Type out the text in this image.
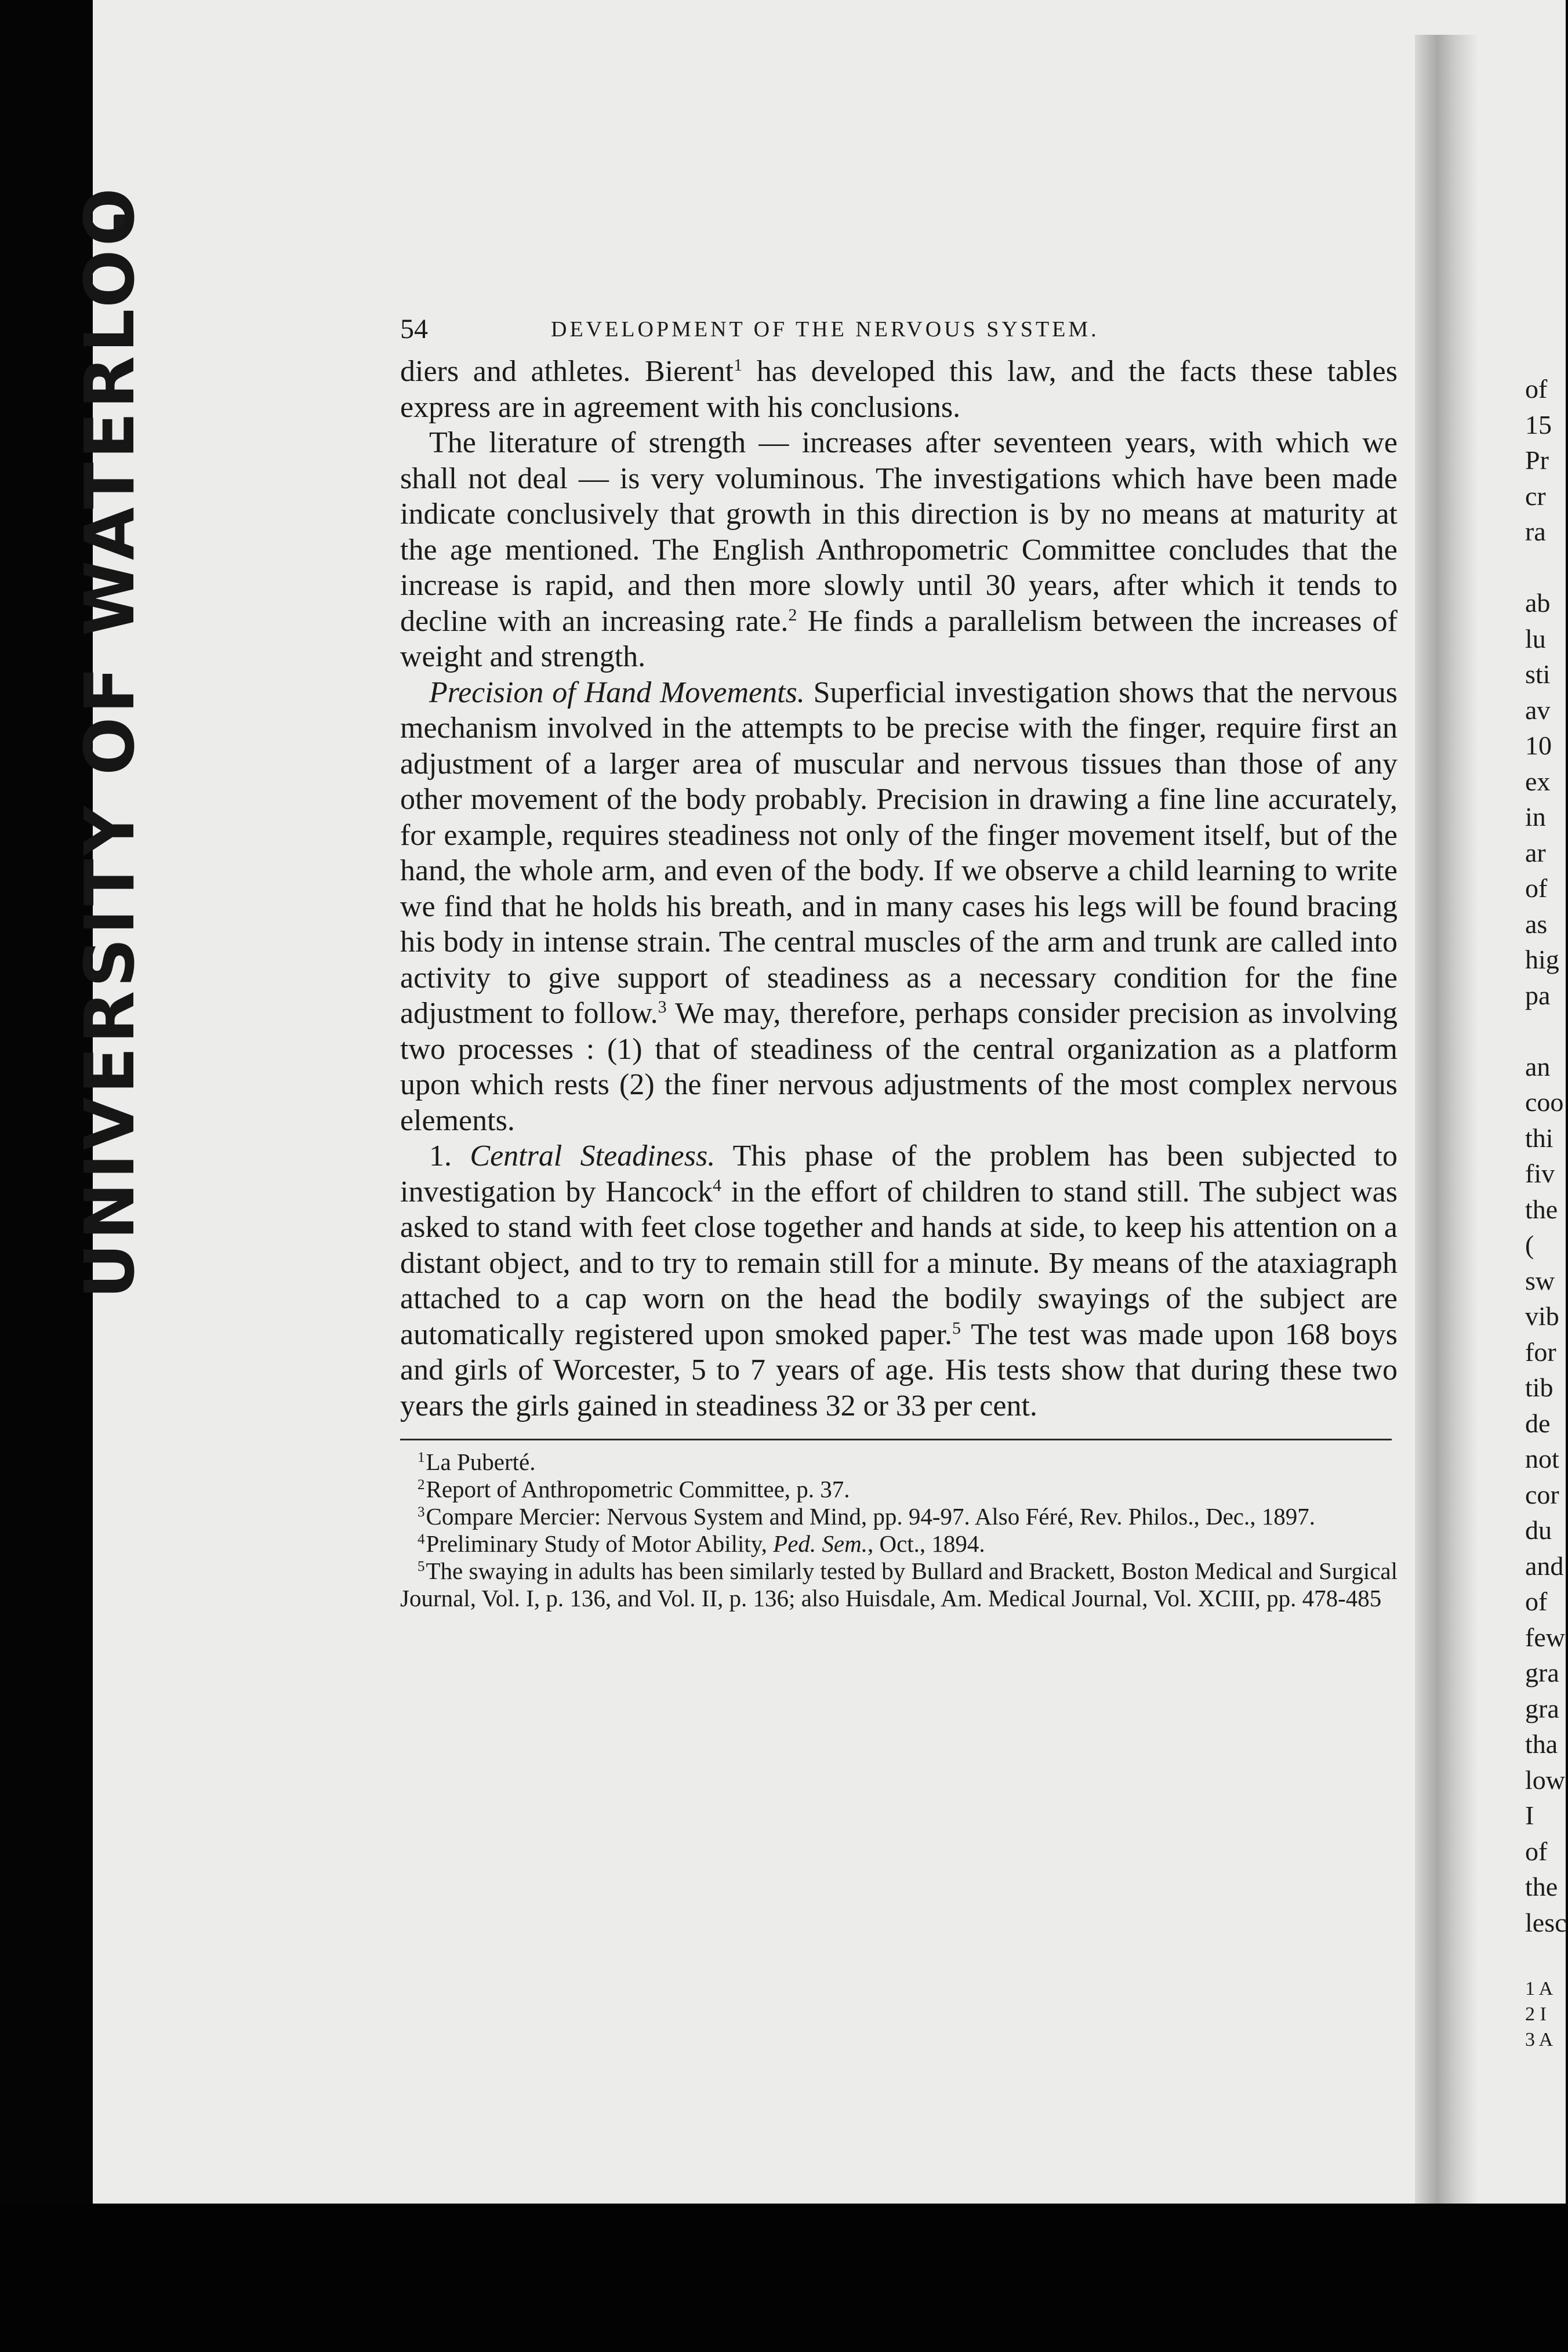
UNIVERSITY OF WATERLOO	54	DEVELOPMENT OF THE NERVOUS SYSTEM.

diers and athletes. Bierent$^1$ has developed this law, and the facts these tables express are in agreement with his conclusions.

The literature of strength — increases after seventeen years, with which we shall not deal — is very voluminous. The investigations which have been made indicate conclusively that growth in this direction is by no means at maturity at the age mentioned. The English Anthropometric Committee concludes that the increase is rapid, and then more slowly until 30 years, after which it tends to decline with an increasing rate.$^2$ He finds a parallelism between the increases of weight and strength.

Precision of Hand Movements. Superficial investigation shows that the nervous mechanism involved in the attempts to be precise with the finger, require first an adjustment of a larger area of muscular and nervous tissues than those of any other movement of the body probably. Precision in drawing a fine line accurately, for example, requires steadiness not only of the finger movement itself, but of the hand, the whole arm, and even of the body. If we observe a child learning to write we find that he holds his breath, and in many cases his legs will be found bracing his body in intense strain. The central muscles of the arm and trunk are called into activity to give support of steadiness as a necessary condition for the fine adjustment to follow.$^3$ We may, therefore, perhaps consider precision as involving two processes : (1) that of steadiness of the central organization as a platform upon which rests (2) the finer nervous adjustments of the most complex nervous elements.

1. Central Steadiness. This phase of the problem has been subjected to investigation by Hancock$^4$ in the effort of children to stand still. The subject was asked to stand with feet close together and hands at side, to keep his attention on a distant object, and to try to remain still for a minute. By means of the ataxiagraph attached to a cap worn on the head the bodily swayings of the subject are automatically registered upon smoked paper.$^5$ The test was made upon 168 boys and girls of Worcester, 5 to 7 years of age. His tests show that during these two years the girls gained in steadiness 32 or 33 per cent.

$^1$La Puberté.

$^2$Report of Anthropometric Committee, p. 37.

$^3$Compare Mercier: Nervous System and Mind, pp. 94-97. Also Féré, Rev. Philos., Dec., 1897.

$^4$Preliminary Study of Motor Ability, Ped. Sem., Oct., 1894.

$^5$The swaying in adults has been similarly tested by Bullard and Brackett, Boston Medical and Surgical Journal, Vol. I, p. 136, and Vol. II, p. 136; also Huisdale, Am. Medical Journal, Vol. XCIII, pp. 478-485

of
15
Pr
cr
ra
ab
lu
sti
av
10
ex
in
ar
of
as
hig
pa
an
coo
thi
fiv
the
(
sw
vib
for
tib
de
not
cor
du
and
of
few
gra
gra
tha
low
I
of
the
lesc
1 A
2 I
3 A
